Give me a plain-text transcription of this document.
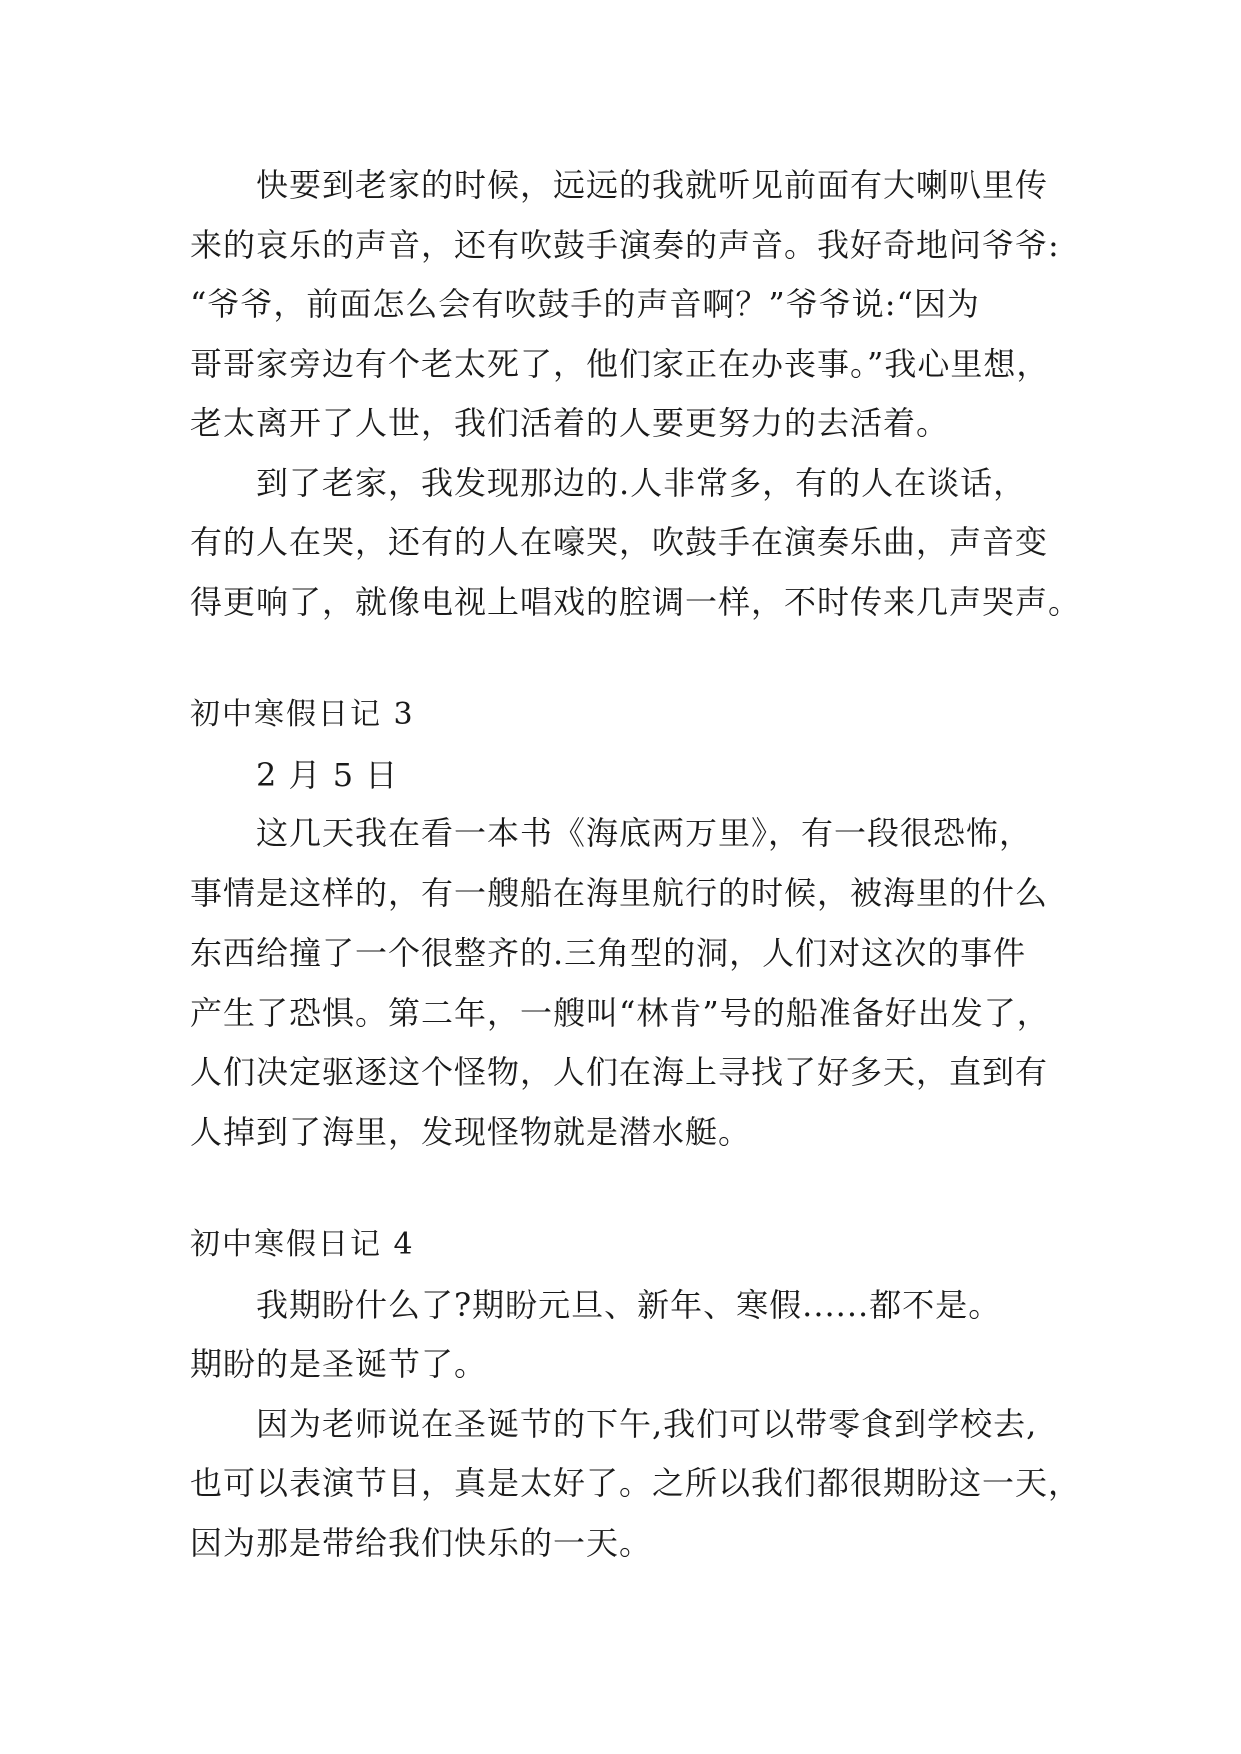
快要到老家的时候，远远的我就听见前面有大喇叭里传
来的哀乐的声音，还有吹鼓手演奏的声音。我好奇地问爷爷:
“爷爷，前面怎么会有吹鼓手的声音啊？”爷爷说:“因为
哥哥家旁边有个老太死了，他们家正在办丧事。”我心里想，
老太离开了人世，我们活着的人要更努力的去活着。
到了老家，我发现那边的.人非常多，有的人在谈话，
有的人在哭，还有的人在嚎哭，吹鼓手在演奏乐曲，声音变
得更响了，就像电视上唱戏的腔调一样，不时传来几声哭声。
初中寒假日记 3
2 月 5 日
这几天我在看一本书《海底两万里》，有一段很恐怖，
事情是这样的，有一艘船在海里航行的时候，被海里的什么
东西给撞了一个很整齐的.三角型的洞，人们对这次的事件
产生了恐惧。第二年，一艘叫“林肯”号的船准备好出发了，
人们决定驱逐这个怪物，人们在海上寻找了好多天，直到有
人掉到了海里，发现怪物就是潜水艇。
初中寒假日记 4
我期盼什么了?期盼元旦、新年、寒假......都不是。
期盼的是圣诞节了。
因为老师说在圣诞节的下午,我们可以带零食到学校去,
也可以表演节目，真是太好了。之所以我们都很期盼这一天，
因为那是带给我们快乐的一天。
